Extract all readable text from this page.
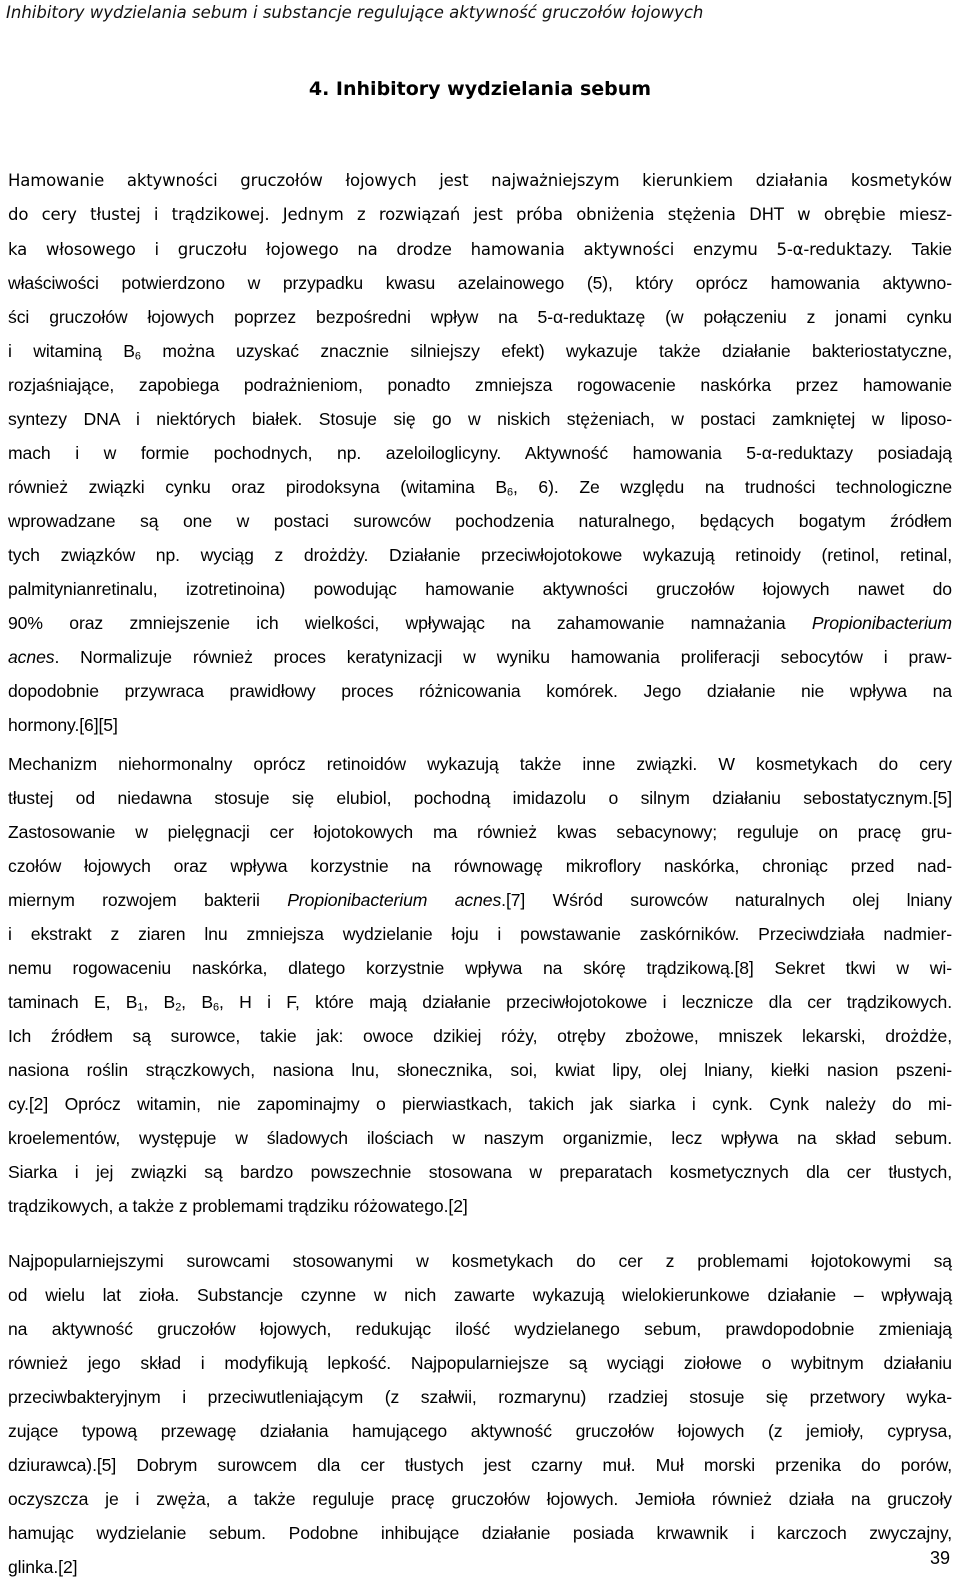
Inhibitory wydzielania sebum i substancje regulujące aktywność gruczołów łojowych
4. Inhibitory wydzielania sebum
Hamowanie aktywności gruczołów łojowych jest najważniejszym kierunkiem działania kosmetyków
do cery tłustej i trądzikowej. Jednym z rozwiązań jest próba obniżenia stężenia DHT w obrębie miesz-
ka włosowego i gruczołu łojowego na drodze hamowania aktywności enzymu 5-α-reduktazy. Takie
właściwości potwierdzono w przypadku kwasu azelainowego (5), który oprócz hamowania aktywno-
ści gruczołów łojowych poprzez bezpośredni wpływ na 5-α-reduktazę (w połączeniu z jonami cynku
i witaminą $B_6$ można uzyskać znacznie silniejszy efekt) wykazuje także działanie bakteriostatyczne,
rozjaśniające, zapobiega podrażnieniom, ponadto zmniejsza rogowacenie naskórka przez hamowanie
syntezy DNA i niektórych białek. Stosuje się go w niskich stężeniach, w postaci zamkniętej w liposo-
mach i w formie pochodnych, np. azeloiloglicyny. Aktywność hamowania 5-α-reduktazy posiadają
również związki cynku oraz pirodoksyna (witamina $B_6$, 6). Ze względu na trudności technologiczne
wprowadzane są one w postaci surowców pochodzenia naturalnego, będących bogatym źródłem
tych związków np. wyciąg z drożdży. Działanie przeciwłojotokowe wykazują retinoidy (retinol, retinal,
palmitynianretinalu, izotretinoina) powodując hamowanie aktywności gruczołów łojowych nawet do
90% oraz zmniejszenie ich wielkości, wpływając na zahamowanie namnażania Propionibacterium
acnes. Normalizuje również proces keratynizacji w wyniku hamowania proliferacji sebocytów i praw-
dopodobnie przywraca prawidłowy proces różnicowania komórek. Jego działanie nie wpływa na
hormony.[6][5]
Mechanizm niehormonalny oprócz retinoidów wykazują także inne związki. W kosmetykach do cery
tłustej od niedawna stosuje się elubiol, pochodną imidazolu o silnym działaniu sebostatycznym.[5]
Zastosowanie w pielęgnacji cer łojotokowych ma również kwas sebacynowy; reguluje on pracę gru-
czołów łojowych oraz wpływa korzystnie na równowagę mikroflory naskórka, chroniąc przed nad-
miernym rozwojem bakterii Propionibacterium acnes.[7] Wśród surowców naturalnych olej lniany
i ekstrakt z ziaren lnu zmniejsza wydzielanie łoju i powstawanie zaskórników. Przeciwdziała nadmier-
nemu rogowaceniu naskórka, dlatego korzystnie wpływa na skórę trądzikową.[8] Sekret tkwi w wi-
taminach E, $B_1$, $B_2$, $B_6$, H i F, które mają działanie przeciwłojotokowe i lecznicze dla cer trądzikowych.
Ich źródłem są surowce, takie jak: owoce dzikiej róży, otręby zbożowe, mniszek lekarski, drożdże,
nasiona roślin strączkowych, nasiona lnu, słonecznika, soi, kwiat lipy, olej lniany, kiełki nasion pszeni-
cy.[2] Oprócz witamin, nie zapominajmy o pierwiastkach, takich jak siarka i cynk. Cynk należy do mi-
kroelementów, występuje w śladowych ilościach w naszym organizmie, lecz wpływa na skład sebum.
Siarka i jej związki są bardzo powszechnie stosowana w preparatach kosmetycznych dla cer tłustych,
trądzikowych, a także z problemami trądziku różowatego.[2]
Najpopularniejszymi surowcami stosowanymi w kosmetykach do cer z problemami łojotokowymi są
od wielu lat zioła. Substancje czynne w nich zawarte wykazują wielokierunkowe działanie – wpływają
na aktywność gruczołów łojowych, redukując ilość wydzielanego sebum, prawdopodobnie zmieniają
również jego skład i modyfikują lepkość. Najpopularniejsze są wyciągi ziołowe o wybitnym działaniu
przeciwbakteryjnym i przeciwutleniającym (z szałwii, rozmarynu) rzadziej stosuje się przetwory wyka-
zujące typową przewagę działania hamującego aktywność gruczołów łojowych (z jemioły, cyprysa,
dziurawca).[5] Dobrym surowcem dla cer tłustych jest czarny muł. Muł morski przenika do porów,
oczyszcza je i zwęża, a także reguluje pracę gruczołów łojowych. Jemioła również działa na gruczoły
hamując wydzielanie sebum. Podobne inhibujące działanie posiada krwawnik i karczoch zwyczajny,
glinka.[2]	39
